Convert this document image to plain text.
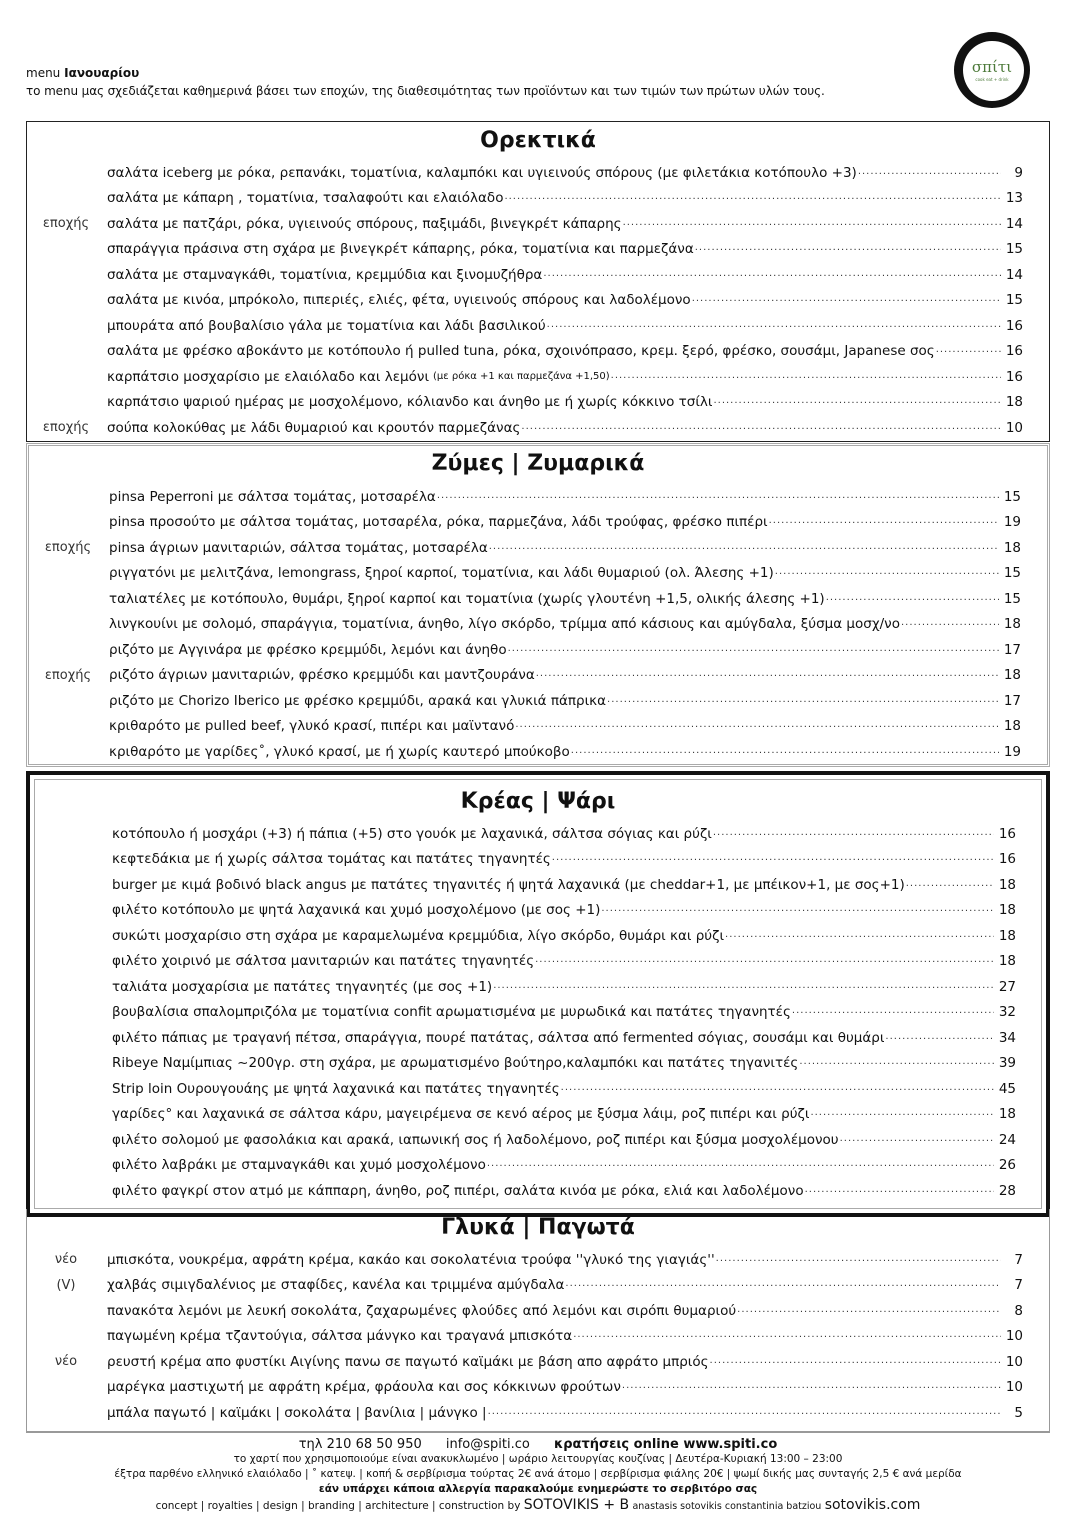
menu Ιανουαρίου
το menu μας σχεδιάζεται καθημερινά βάσει των εποχών, της διαθεσιμότητας των προϊόντων και των τιμών των πρώτων υλών τους.
σπίτι
cook eat + drink
Ορεκτικά
σαλάτα iceberg με ρόκα, ρεπανάκι, τοματίνια, καλαμπόκι και υγιεινούς σπόρους (με φιλετάκια κοτόπουλο +3) .....	9
σαλάτα με κάπαρη , τοματίνια, τσαλαφούτι και ελαιόλαδο .....	13
εποχής	σαλάτα με πατζάρι, ρόκα, υγιεινούς σπόρους, παξιμάδι, βινεγκρέτ κάπαρης .....	14
σπαράγγια πράσινα στη σχάρα με βινεγκρέτ κάπαρης, ρόκα, τοματίνια και παρμεζάνα .....	15
σαλάτα με σταμναγκάθι, τοματίνια, κρεμμύδια και ξινομυζήθρα .....	14
σαλάτα με κινόα, μπρόκολο, πιπεριές, ελιές, φέτα, υγιεινούς σπόρους και λαδολέμονο .....	15
μπουράτα από βουβαλίσιο γάλα με τοματίνια και λάδι βασιλικού .....	16
σαλάτα με φρέσκο αβοκάντο με κοτόπουλο ή pulled tuna, ρόκα, σχοινόπρασο, κρεμ. ξερό, φρέσκο, σουσάμι, Japanese σος .....	16
καρπάτσιο μοσχαρίσιο με ελαιόλαδο και λεμόνι (με ρόκα +1 και παρμεζάνα +1,50) .....	16
καρπάτσιο ψαριού ημέρας με μοσχολέμονο, κόλιανδο και άνηθο με ή χωρίς κόκκινο τσίλι .....	18
εποχής	σούπα κολοκύθας με λάδι θυμαριού και κρουτόν παρμεζάνας .....	10
Ζύμες | Ζυμαρικά
pinsa Peperroni με σάλτσα τομάτας, μοτσαρέλα .....	15
pinsa προσούτο με σάλτσα τομάτας, μοτσαρέλα, ρόκα, παρμεζάνα, λάδι τρούφας, φρέσκο πιπέρι .....	19
εποχής	pinsa άγριων μανιταριών, σάλτσα τομάτας, μοτσαρέλα .....	18
ριγγατόνι με μελιτζάνα, lemongrass, ξηροί καρποί, τοματίνια, και λάδι θυμαριού (ολ. Άλεσης +1) .....	15
ταλιατέλες με κοτόπουλο, θυμάρι, ξηροί καρποί και τοματίνια (χωρίς γλουτένη +1,5, ολικής άλεσης +1) .....	15
λινγκουίνι με σολομό, σπαράγγια, τοματίνια, άνηθο, λίγο σκόρδο, τρίμμα από κάσιους και αμύγδαλα, ξύσμα μοσχ/νο .....	18
ριζότο με Αγγινάρα με φρέσκο κρεμμύδι, λεμόνι και άνηθο .....	17
εποχής	ριζότο άγριων μανιταριών, φρέσκο κρεμμύδι και μαντζουράνα .....	18
ριζότο με Chorizo Iberico με φρέσκο κρεμμύδι, αρακά και γλυκιά πάπρικα .....	17
κριθαρότο με pulled beef, γλυκό κρασί, πιπέρι και μαϊντανό .....	18
κριθαρότο με γαρίδες˚, γλυκό κρασί, με ή χωρίς καυτερό μπούκοβο .....	19
Κρέας | Ψάρι
κοτόπουλο ή μοσχάρι (+3) ή πάπια (+5) στο γουόκ με λαχανικά, σάλτσα σόγιας και ρύζι .....	16
κεφτεδάκια με ή χωρίς σάλτσα τομάτας και πατάτες τηγανητές .....	16
burger με κιμά βοδινό black angus με πατάτες τηγανιτές ή ψητά λαχανικά (με cheddar+1, με μπέικον+1, με σος+1) .....	18
φιλέτο κοτόπουλο με ψητά λαχανικά και χυμό μοσχολέμονο (με σος +1) .....	18
συκώτι μοσχαρίσιο στη σχάρα με καραμελωμένα κρεμμύδια, λίγο σκόρδο, θυμάρι και ρύζι .....	18
φιλέτο χοιρινό με σάλτσα μανιταριών και πατάτες τηγανητές .....	18
ταλιάτα μοσχαρίσια με πατάτες τηγανητές (με σος +1) .....	27
βουβαλίσια σπαλομπριζόλα με τοματίνια confit αρωματισμένα με μυρωδικά και πατάτες τηγανητές .....	32
φιλέτο πάπιας με τραγανή πέτσα, σπαράγγια, πουρέ πατάτας, σάλτσα από fermented σόγιας, σουσάμι και θυμάρι .....	34
Ribeye Ναμίμπιας ~200γρ. στη σχάρα, με αρωματισμένο βούτηρο,καλαμπόκι και πατάτες τηγανιτές .....	39
Strip loin Ουρουγουάης με ψητά λαχανικά και πατάτες τηγανητές .....	45
γαρίδες° και λαχανικά σε σάλτσα κάρυ, μαγειρέμενα σε κενό αέρος με ξύσμα λάιμ, ροζ πιπέρι και ρύζι .....	18
φιλέτο σολομού με φασολάκια και αρακά, ιαπωνική σος ή λαδολέμονο, ροζ πιπέρι και ξύσμα μοσχολέμονου .....	24
φιλέτο λαβράκι με σταμναγκάθι και χυμό μοσχολέμονο .....	26
φιλέτο φαγκρί στον ατμό με κάππαρη, άνηθο, ροζ πιπέρι, σαλάτα κινόα με ρόκα, ελιά και λαδολέμονο .....	28
Γλυκά | Παγωτά
νέο	μπισκότα, νουκρέμα, αφράτη κρέμα, κακάο και σοκολατένια τρούφα ''γλυκό της γιαγιάς'' .....	7
(V)	χαλβάς σιμιγδαλένιος με σταφίδες, κανέλα και τριμμένα αμύγδαλα .....	7
πανακότα λεμόνι με λευκή σοκολάτα, ζαχαρωμένες φλούδες από λεμόνι και σιρόπι θυμαριού .....	8
παγωμένη κρέμα τζαντούγια, σάλτσα μάνγκο και τραγανά μπισκότα .....	10
νέο	ρευστή κρέμα απο φυστίκι Αιγίνης πανω σε παγωτό καϊμάκι με βάση απο αφράτο μπριός .....	10
μαρέγκα μαστιχωτή με αφράτη κρέμα, φράουλα και σος κόκκινων φρούτων .....	10
μπάλα παγωτό | καϊμάκι | σοκολάτα | βανίλια | μάνγκο | .....	5
τηλ 210 68 50 950 info@spiti.co κρατήσεις online www.spiti.co
το χαρτί που χρησιμοποιούμε είναι ανακυκλωμένο | ωράριο λειτουργίας κουζίνας | Δευτέρα-Κυριακή 13:00 – 23:00
έξτρα παρθένο ελληνικό ελαιόλαδο | ˚ κατεψ. | κοπή & σερβίρισμα τούρτας 2€ ανά άτομο | σερβίρισμα φιάλης 20€ | ψωμί δικής μας συνταγής 2,5 € ανά μερίδα
εάν υπάρχει κάποια αλλεργία παρακαλούμε ενημερώστε το σερβιτόρο σας
concept | royalties | design | branding | architecture | construction by SOTOVIKIS + B anastasis sotovikis constantinia batziou sotovikis.com
